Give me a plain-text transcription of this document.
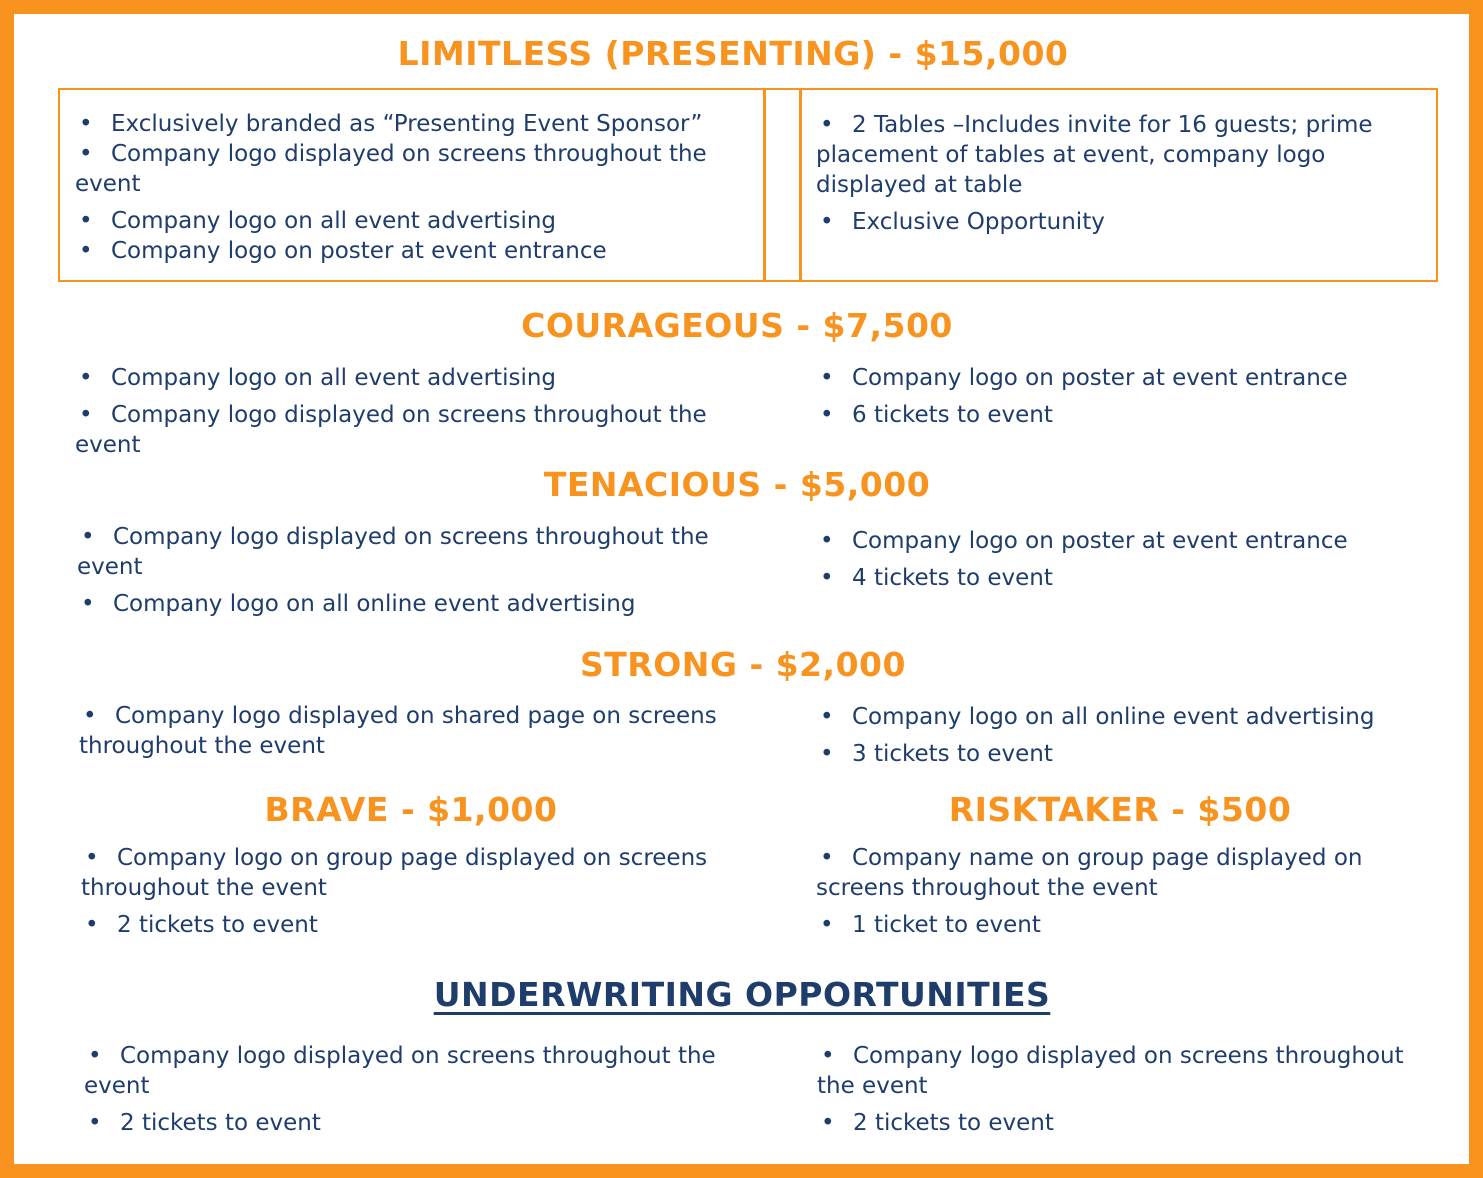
LIMITLESS (PRESENTING) - $15,000
• Exclusively branded as “Presenting Event Sponsor”
• Company logo displayed on screens throughout the event
• Company logo on all event advertising
• Company logo on poster at event entrance
• 2 Tables –Includes invite for 16 guests; prime placement of tables at event, company logo displayed at table
• Exclusive Opportunity
COURAGEOUS - $7,500
• Company logo on all event advertising
• Company logo displayed on screens throughout the event
• Company logo on poster at event entrance
• 6 tickets to event
TENACIOUS - $5,000
• Company logo displayed on screens throughout the event
• Company logo on all online event advertising
• Company logo on poster at event entrance
• 4 tickets to event
STRONG - $2,000
• Company logo displayed on shared page on screens throughout the event
• Company logo on all online event advertising
• 3 tickets to event
BRAVE - $1,000
• Company logo on group page displayed on screens throughout the event
• 2 tickets to event
RISKTAKER - $500
• Company name on group page displayed on screens throughout the event
• 1 ticket to event
UNDERWRITING OPPORTUNITIES
• Company logo displayed on screens throughout the event
• 2 tickets to event
• Company logo displayed on screens throughout the event
• 2 tickets to event
